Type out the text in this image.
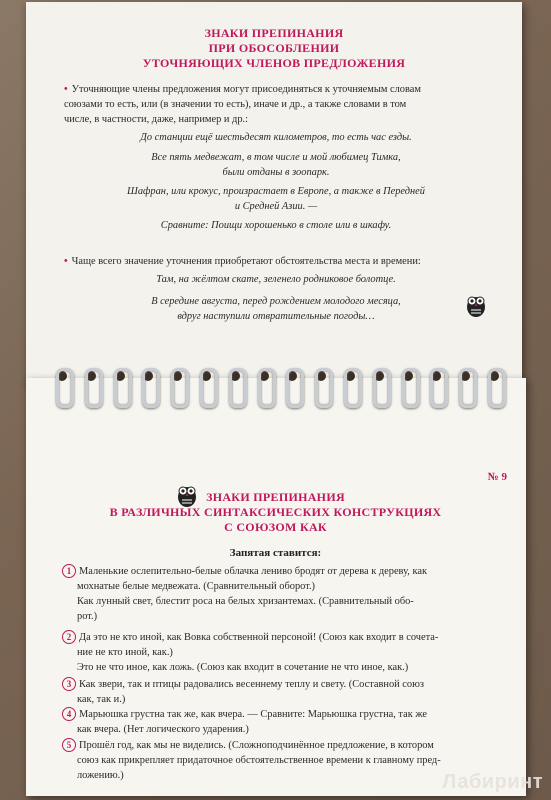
ЗНАКИ ПРЕПИНАНИЯ
ПРИ ОБОСОБЛЕНИИ
УТОЧНЯЮЩИХ ЧЛЕНОВ ПРЕДЛОЖЕНИЯ
• Уточняющие члены предложения могут присоединяться к уточняемым словам
союзами то есть, или (в значении то есть), иначе и др., а также словами в том
числе, в частности, даже, например и др.:
До станции ещё шестьдесят километров, то есть час езды.
Все пять медвежат, в том числе и мой любимец Тимка,
были отданы в зоопарк.
Шафран, или крокус, произрастает в Европе, а также в Передней
и Средней Азии. —
Сравните: Поищи хорошенько в столе или в шкафу.
• Чаще всего значение уточнения приобретают обстоятельства места и времени:
Там, на жёлтом скате, зеленело родниковое болотце.
В середине августа, перед рождением молодого месяца,
вдруг наступили отвратительные погоды…
№ 9
ЗНАКИ ПРЕПИНАНИЯ
В РАЗЛИЧНЫХ СИНТАКСИЧЕСКИХ КОНСТРУКЦИЯХ
С СОЮЗОМ КАК
Запятая ставится:
1 Маленькие ослепительно-белые облачка лениво бродят от дерева к дереву, как
мохнатые белые медвежата. (Сравнительный оборот.)
Как лунный свет, блестит роса на белых хризантемах. (Сравнительный обо-
рот.)
2 Да это не кто иной, как Вовка собственной персоной! (Союз как входит в сочета-
ние не кто иной, как.)
Это не что иное, как ложь. (Союз как входит в сочетание не что иное, как.)
3 Как звери, так и птицы радовались весеннему теплу и свету. (Составной союз
как, так и.)
4 Марьюшка грустна так же, как вчера. — Сравните: Марьюшка грустна, так же
как вчера. (Нет логического ударения.)
5 Прошёл год, как мы не виделись. (Сложноподчинённое предложение, в котором
союз как прикрепляет придаточное обстоятельственное времени к главному пред-
ложению.)	Лабиринт
